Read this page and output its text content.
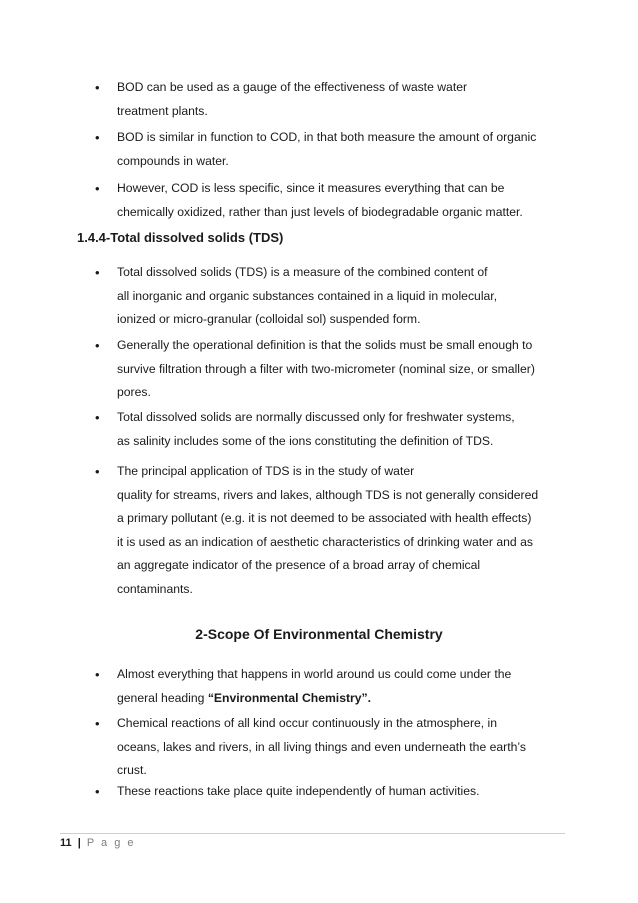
• BOD can be used as a gauge of the effectiveness of waste water
treatment plants.
• BOD is similar in function to COD, in that both measure the amount of organic
compounds in water.
• However, COD is less specific, since it measures everything that can be
chemically oxidized, rather than just levels of biodegradable organic matter.
1.4.4-Total dissolved solids (TDS)
• Total dissolved solids (TDS) is a measure of the combined content of
all inorganic and organic substances contained in a liquid in molecular,
ionized or micro-granular (colloidal sol) suspended form.
• Generally the operational definition is that the solids must be small enough to
survive filtration through a filter with two-micrometer (nominal size, or smaller)
pores.
• Total dissolved solids are normally discussed only for freshwater systems,
as salinity includes some of the ions constituting the definition of TDS.
• The principal application of TDS is in the study of water
quality for streams, rivers and lakes, although TDS is not generally considered
a primary pollutant (e.g. it is not deemed to be associated with health effects)
it is used as an indication of aesthetic characteristics of drinking water and as
an aggregate indicator of the presence of a broad array of chemical
contaminants.
2-Scope Of Environmental Chemistry
• Almost everything that happens in world around us could come under the
general heading “Environmental Chemistry”.
• Chemical reactions of all kind occur continuously in the atmosphere, in
oceans, lakes and rivers, in all living things and even underneath the earth’s
crust.
• These reactions take place quite independently of human activities.
11 | P a g e
